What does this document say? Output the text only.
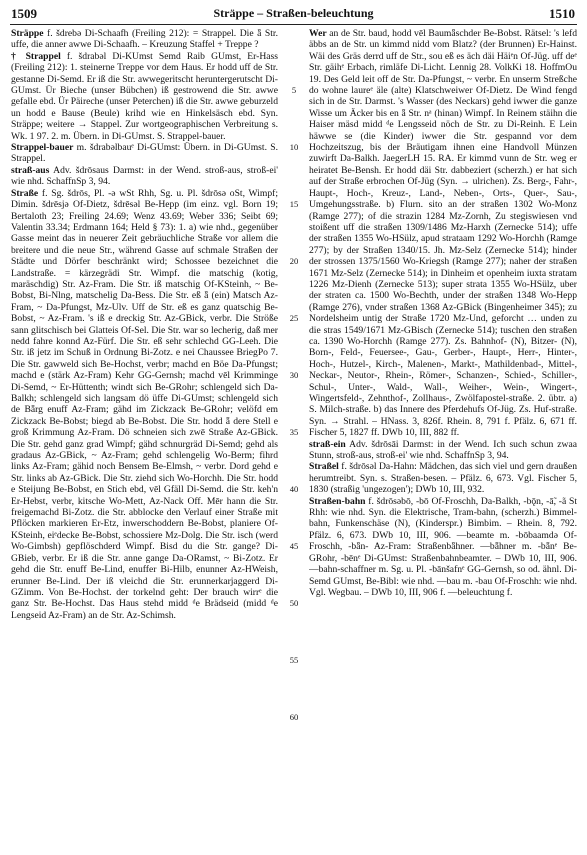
1509	Sträppe – Straßen-beleuchtung	1510

Sträppe f. šdrebə Di-Schaafh (Freiling 212): = Strappel. Die ǟ Str. uffe, die anner awwe Di-Schaafh. – Kreuzung Staffel + Treppe ?

† Strappel f. šdrabǝl Di-KUmst Semd Raib GUmst, Er-Hass (Freiling 212): 1. steinerne Treppe vor dem Haus. Er hodd uff de Str. gestanne Di-Semd. Er iß die Str. awwegeritscht heruntergerutscht Di-GUmst. Ür Bieche (unser Bübchen) iß gestrowend die Str. awwe gefalle ebd. Ür Päireche (unser Peterchen) iß die Str. awwe geburzeld un hodd e Bause (Beule) krihd wie en Hinkelsäsch ebd. Syn. Sträppe; weitere → Stappel. Zur wortgeographischen Verbreitung s. Wk. 1 97. 2. m. Übern. in Di-GUmst. S. Strappel-bauer.

Strappel-bauer m. šdrabǝlbauᵉ Di-GUmst: Übern. in Di-GUmst. S. Strappel.

straß-aus Adv. šdrōsaus Darmst: in der Wend. stroß-aus, stroß-ei' wie nhd. SchaffnSp 3, 94.

Straße f. Sg. šdrōs, Pl. -ə wSt Rhh, Sg. u. Pl. šdrōsə oSt, Wimpf; Dimin. šdrēsjə Of-Dietz, šdrēsǝl Be-Hepp (im einz. vgl. Born 19; Bertaloth 23; Freiling 24.69; Wenz 43.69; Weber 336; Seibt 69; Valentin 33.34; Erdmann 164; Held § 73): 1. a) wie nhd., gegenüber Gasse meint das in neuerer Zeit gebräuchliche Straße vor allem die breitere und die neue Str., während Gasse auf schmale Straßen der Städte und Dörfer beschränkt wird; Schossee bezeichnet die Landstraße. = kärzegrädi Str. Wimpf. die matschig (kotig, maräschdig) Str. Az-Fram. Die Str. iß matschig Of-KSteinh, ~ Be-Bobst, Bi-Nlng, matschelig Da-Bess. Die Str. eß ǟ (ein) Matsch Az-Fram, ~ Da-Pfungst, Mz-Ulv. Uff de Str. eß es ganz quatschig Be-Bobst, ~ Az-Fram. 's iß e dreckig Str. Az-GBick, verbr. Die Ströße sann glitschisch bei Glatteis Of-Sel. Die Str. war so lecherig, daß mer nedd fahre konnd Az-Fürf. Die Str. eß sehr schlechd GG-Leeh. Die Str. iß jetz im Schuß in Ordnung Bi-Zotz. e nei Chaussee BriegPo 7. Die Str. gawweld sich Be-Hochst, verbr; machd en Böe Da-Pfungst; machd e (stärk Az-Fram) Kehr GG-Gernsh; machd vēl Krimminge Di-Semd, ~ Er-Hüttenth; windt sich Be-GRohr; schlengeld sich Da-Balkh; schlengeld sich langsam dö üffe Di-GUmst; schlengeld sich de Bǟrg enuff Az-Fram; gähd im Zickzack Be-GRohr; velöfd em Zickzack Be-Bobst; biegd ab Be-Bobst. Die Str. hodd ǟ dere Stell e groß Krimmung Az-Fram. Dö schneien sich zwē Straße Az-GBick. Die Str. gehd ganz grad Wimpf; gähd schnurgräd Di-Semd; gehd als gradaus Az-GBick, ~ Az-Fram; gehd schlengelig Wo-Berm; fihrd links Az-Fram; gähid noch Bensem Be-Elmsh, ~ verbr. Dord gehd e Str. links ab Az-GBick. Die Str. ziehd sich Wo-Horchh. Die Str. hodd e Steijung Be-Bobst, en Stich ebd, vēl Gfäll Di-Semd. die Str. keh'n Er-Hebst, verbr, kitsche Wo-Mett, Az-Nack Off. Mēr hann die Str. freigemachd Bi-Zotz. die Str. abblocke den Verlauf einer Straße mit Pflöcken markieren Er-Etz, inwerschoddern Be-Bobst, planiere Of-KSteinh, eiᵉdecke Be-Bobst, schossiere Mz-Dolg. Die Str. isch (werd Wo-Gimbsh) gepflöschderd Wimpf. Bisd du die Str. gange? Di-GBieb, verbr. Er iß die Str. anne gange Da-ORamst, ~ Bi-Zotz. Er gehd die Str. enuff Be-Lind, enuffer Bi-Hilb, enunner Az-HWeish, erunner Be-Lind. Der iß vleichd die Str. erunnerkarjaggerd Di-GZimm. Von Be-Hochst. der torkelnd geht: Der brauch wirrᵉ die ganz Str. Be-Hochst. Das Haus stehd midd ᵈe Brädseid (midd ᵈe Lengseid Az-Fram) an de Str. Az-Schimsh.

5
10
15
20
25
30
35
40
45
50
55
60

Wer an de Str. baud, hodd vēl Baumǟschder Be-Bobst. Rätsel: 's lefd äbbs an de Str. un kimmd nidd vom Blatz? (der Brunnen) Er-Hainst. Wäi des Gräs derrd uff de Str., sou eß es äch däi Häiᵉn Of-Jüg. uff deᵉ Str. gäihᵉ Erbach, rimläfe Di-Licht. Lennig 28. VolkKi 18. HoffmOu 19. Des Geld leit off de Str. Da-Pfungst, ~ verbr. En unserm Streßche do wohne laureᵉ äle (alte) Klatschweiwer Of-Dietz. De Wind fengd sich in de Str. Darmst. 's Wasser (des Neckars) gehd iwwer die ganze Wisse um Äcker bis en ǟ Str. nᵃ (hinan) Wimpf. In Reinem stäihn die Haiser mäsd midd ᵈe Lengsseid nöch de Str. zu Di-Reinh. E Lein häwwe se (die Kinder) iwwer die Str. gespannd vor dem Hochzeitszug, bis der Bräutigam ihnen eine Handvoll Münzen zuwirft Da-Balkh. JaegerLH 15. RA. Er kimmd vunn de Str. weg er heiratet Be-Bensh. Er hodd däi Str. dabbeziert (scherzh.) er hat sich auf der Straße erbrochen Of-Jüg (Syn. → ulrichen). Zs. Berg-, Fahr-, Haupt-, Hoch-, Kreuz-, Land-, Neben-, Orts-, Quer-, Sau-, Umgehungsstraße. b) Flurn. sito an der straßen 1302 Wo-Monz (Ramge 277); of die strazin 1284 Mz-Zornh, Zu stegiswiesen vnd stoißent uff die straßen 1309/1486 Mz-Harxh (Zernecke 514); uffe der straßen 1355 Wo-HSülz, apud strataam 1292 Wo-Horchh (Ramge 277); by der Straßen 1340/15. Jh. Mz-Selz (Zernecke 514); hinder der strossen 1375/1560 Wo-Kriegsh (Ramge 277); naher der straßen 1671 Mz-Selz (Zernecke 514); in Dinheim et openheim iuxta stratam 1226 Mz-Dienh (Zernecke 513); super strata 1355 Wo-HSülz, uber der straten ca. 1500 Wo-Bechth, under der straßen 1348 Wo-Hepp (Ramge 276), vnder straßen 1368 Az-GBick (Bingenheimer 345); zu Nordelsheim untig der Straße 1720 Mz-Und, geforcht … unden zu die stras 1549/1671 Mz-GBisch (Zernecke 514); tuschen den straßen ca. 1390 Wo-Horchh (Ramge 277). Zs. Bahnhof- (N), Bitzer- (N), Born-, Feld-, Feuersee-, Gau-, Gerber-, Haupt-, Herr-, Hinter-, Hoch-, Hutzel-, Kirch-, Malenen-, Markt-, Mathildenbad-, Mittel-, Neckar-, Neutor-, Rhein-, Römer-, Schanzen-, Schied-, Schiller-, Schul-, Unter-, Wald-, Wall-, Weiher-, Wein-, Wingert-, Wingertsfeld-, Zehnthof-, Zollhaus-, Zwölfapostel-straße. 2. übtr. a) S. Milch-straße. b) das Innere des Pferdehufs Of-Jüg. Zs. Huf-straße. Syn. → Strahl. – HNass. 3, 826f. Rhein. 8, 791 f. Pfälz. 6, 671 ff. Fischer 5, 1827 ff. DWb 10, III, 882 ff.

straß-ein Adv. šdrōsāi Darmst: in der Wend. Ich such schun zwaa Stunn, stroß-aus, stroß-ei' wie nhd. SchaffnSp 3, 94.

Straßel f. šdrōsǝl Da-Hahn: Mädchen, das sich viel und gern draußen herumtreibt. Syn. s. Straßen-besen. – Pfälz. 6, 673. Vgl. Fischer 5, 1830 (straßig 'ungezogen'); DWb 10, III, 932.

Straßen-bahn f. šdrōsəbō, -bō Of-Froschh, Da-Balkh, -bǭn, -ā̃, -ã St Rhh: wie nhd. Syn. die Elektrische, Tram-bahn, (scherzh.) Bimmel-bahn, Funkenschäse (N), (Kinderspr.) Bimbim. – Rhein. 8, 792. Pfälz. 6, 673. DWb 10, III, 906. —beamte m. -bōbaamdə Of-Froschh, -bǟn- Az-Fram: Straßenbǟhner. —bǟhner m. -bǟnᵉ Be-GRohr, -bēnᵉ Di-GUmst: Straßenbahnbeamter. – DWb 10, III, 906. —bahn-schaffner m. Sg. u. Pl. -bānšafnᵉ GG-Gernsh, so od. ähnl. Di-Semd GUmst, Be-Bibl: wie nhd. —bau m. -bau Of-Froschh: wie nhd. Vgl. Wegbau. – DWb 10, III, 906 f. —beleuchtung f.
